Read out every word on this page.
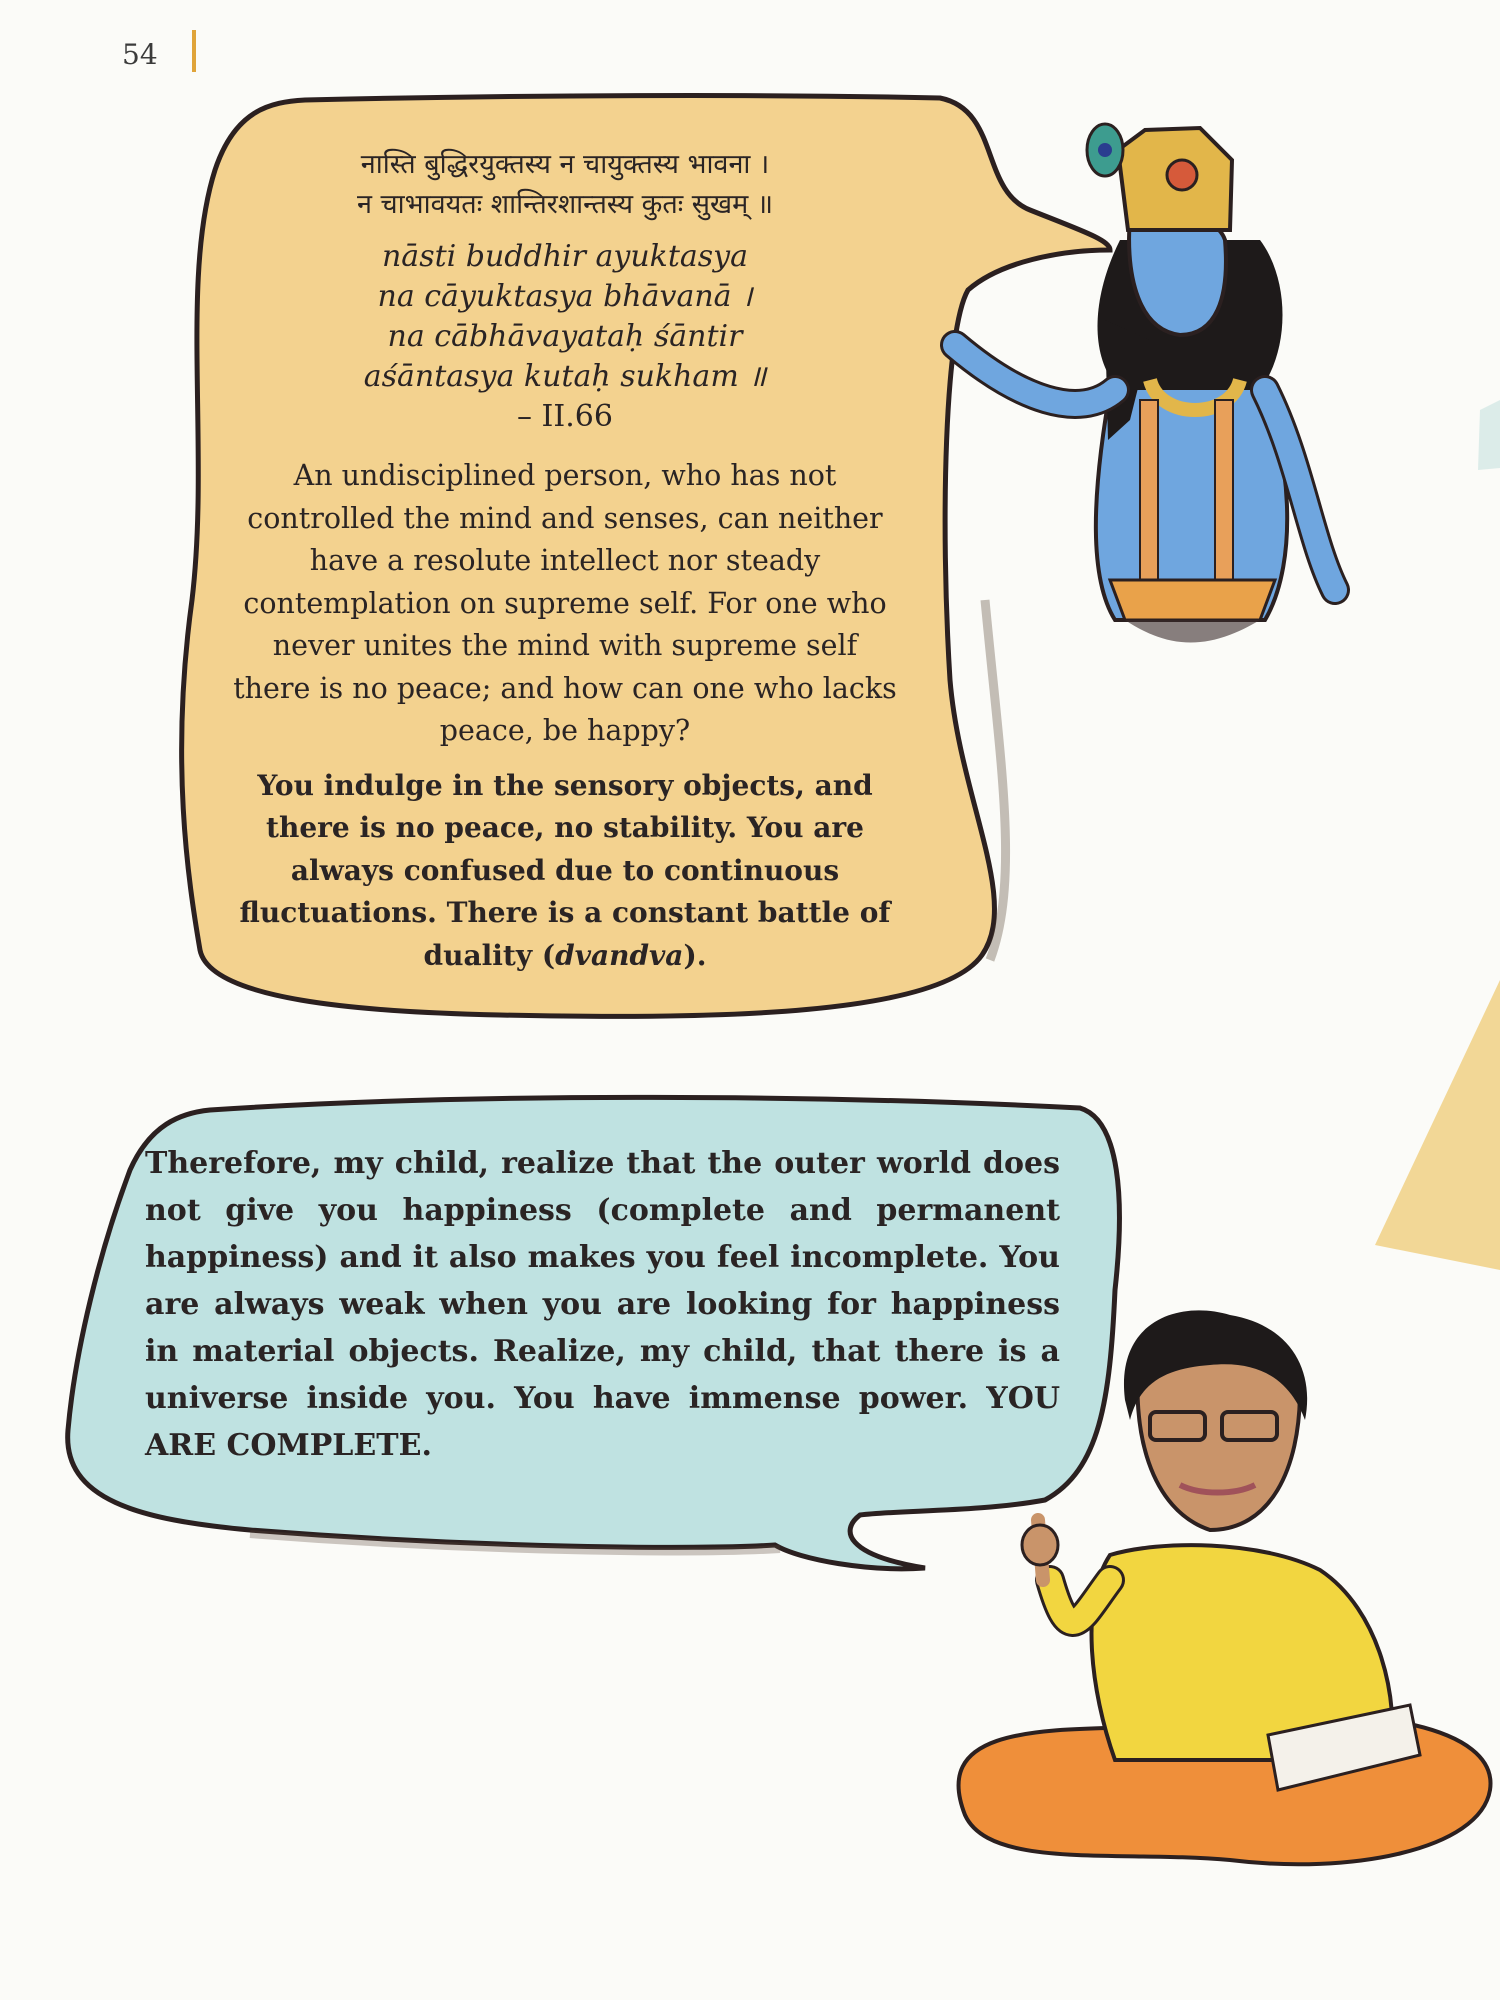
54

नास्ति बुद्धिरयुक्तस्य न चायुक्तस्य भावना ।

न चाभावयतः शान्तिरशान्तस्य कुतः सुखम् ॥

nāsti buddhir ayuktasya

na cāyuktasya bhāvanā ।

na cābhāvayataḥ śāntir

aśāntasya kutaḥ sukham ॥

– II.66

An undisciplined person, who has not controlled the mind and senses, can neither have a resolute intellect nor steady contemplation on supreme self. For one who never unites the mind with supreme self there is no peace; and how can one who lacks peace, be happy?

You indulge in the sensory objects, and there is no peace, no stability. You are always confused due to continuous fluctuations. There is a constant battle of duality (dvandva).

Therefore, my child, realize that the outer world does not give you happiness (complete and permanent happiness) and it also makes you feel incomplete. You are always weak when you are looking for happiness in material objects. Realize, my child, that there is a universe inside you. You have immense power. YOU ARE COMPLETE.
